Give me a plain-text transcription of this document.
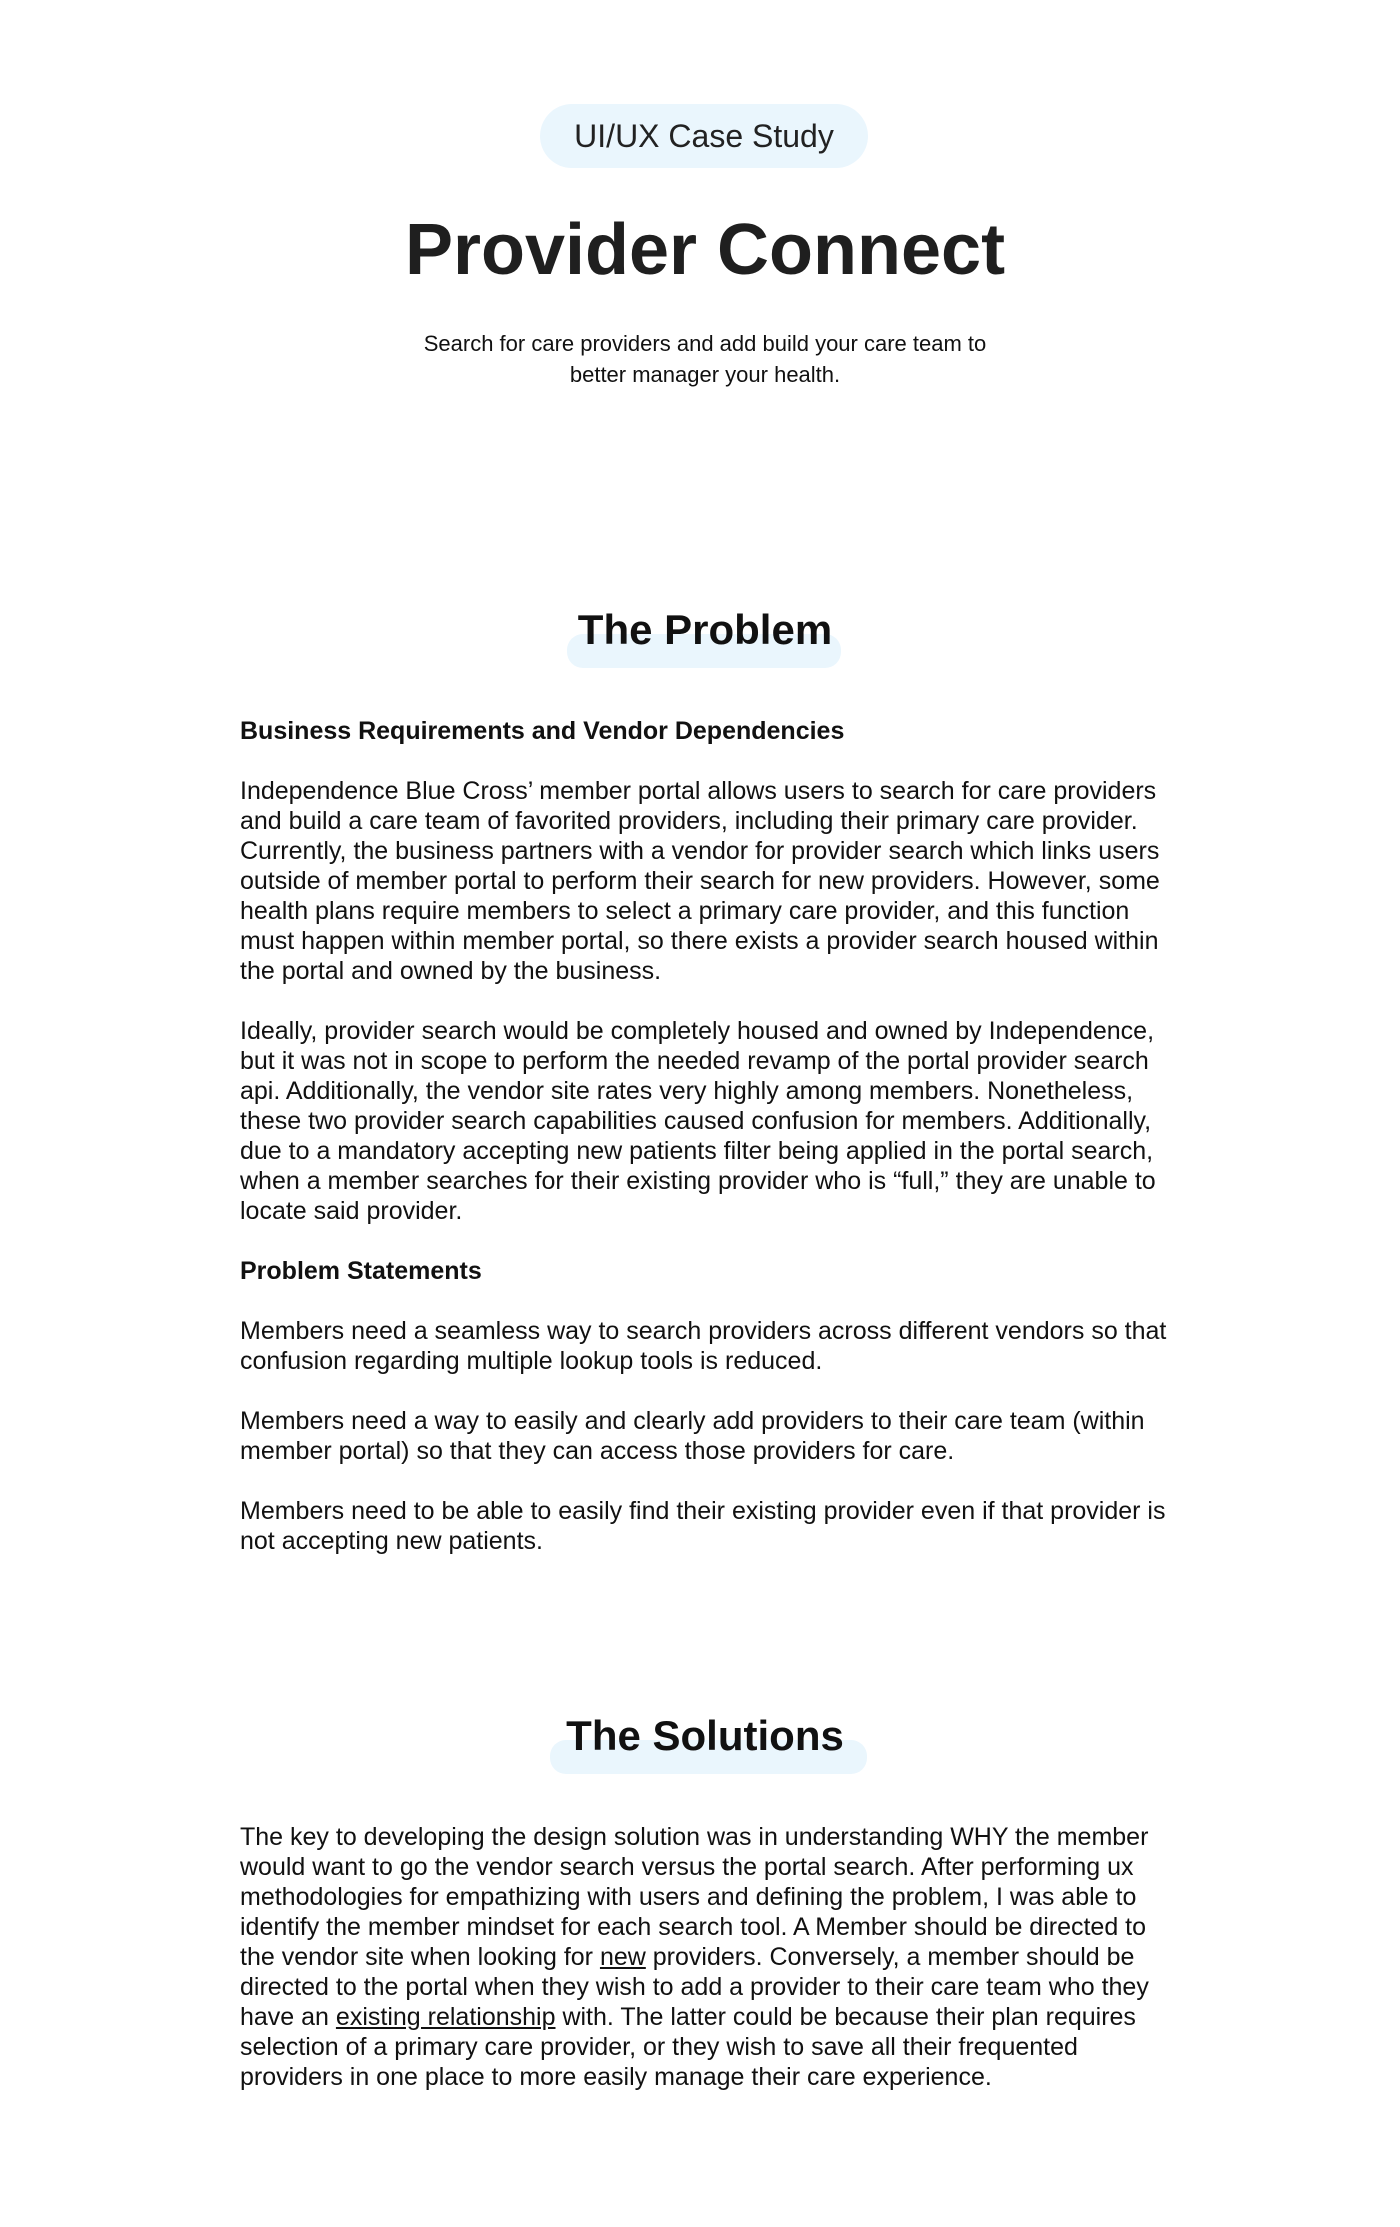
UI/UX Case Study
Provider Connect

Search for care providers and add build your care team to better manager your health.

The Problem

Business Requirements and Vendor Dependencies

Independence Blue Cross’ member portal allows users to search for care providers and build a care team of favorited providers, including their primary care provider. Currently, the business partners with a vendor for provider search which links users outside of member portal to perform their search for new providers. However, some health plans require members to select a primary care provider, and this function must happen within member portal, so there exists a provider search housed within the portal and owned by the business.

Ideally, provider search would be completely housed and owned by Independence, but it was not in scope to perform the needed revamp of the portal provider search api. Additionally, the vendor site rates very highly among members. Nonetheless, these two provider search capabilities caused confusion for members. Additionally, due to a mandatory accepting new patients filter being applied in the portal search, when a member searches for their existing provider who is “full,” they are unable to locate said provider.

Problem Statements

Members need a seamless way to search providers across different vendors so that confusion regarding multiple lookup tools is reduced.

Members need a way to easily and clearly add providers to their care team (within member portal) so that they can access those providers for care.

Members need to be able to easily find their existing provider even if that provider is not accepting new patients.

The Solutions

The key to developing the design solution was in understanding WHY the member would want to go the vendor search versus the portal search. After performing ux methodologies for empathizing with users and defining the problem, I was able to identify the member mindset for each search tool. A Member should be directed to the vendor site when looking for new providers. Conversely, a member should be directed to the portal when they wish to add a provider to their care team who they have an existing relationship with. The latter could be because their plan requires selection of a primary care provider, or they wish to save all their frequented providers in one place to more easily manage their care experience.
